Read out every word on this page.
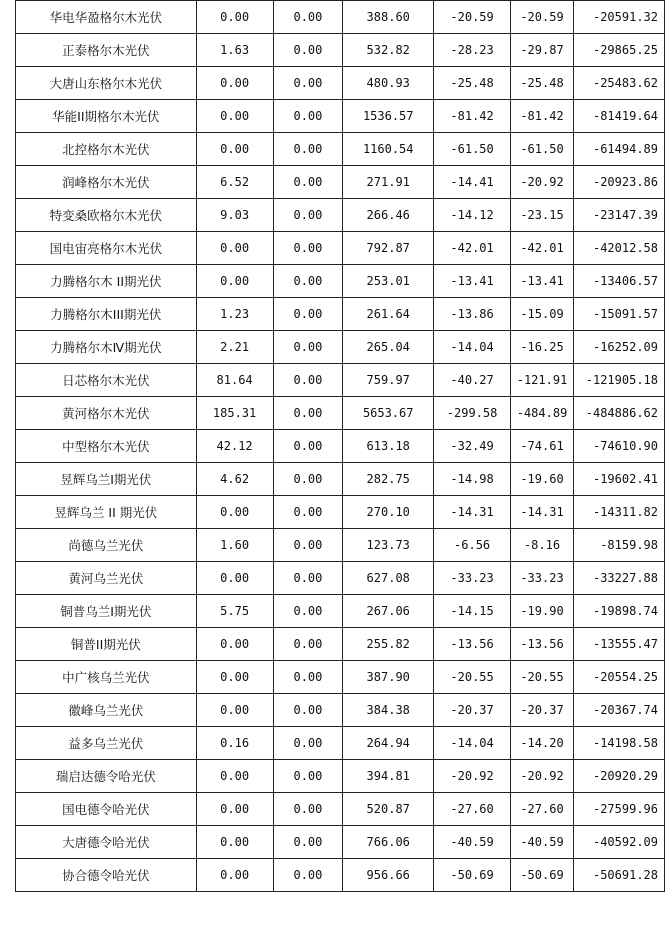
华电华盈格尔木光伏	0.00	0.00	388.60	-20.59	-20.59	-20591.32
正泰格尔木光伏	1.63	0.00	532.82	-28.23	-29.87	-29865.25
大唐山东格尔木光伏	0.00	0.00	480.93	-25.48	-25.48	-25483.62
华能II期格尔木光伏	0.00	0.00	1536.57	-81.42	-81.42	-81419.64
北控格尔木光伏	0.00	0.00	1160.54	-61.50	-61.50	-61494.89
润峰格尔木光伏	6.52	0.00	271.91	-14.41	-20.92	-20923.86
特变桑欧格尔木光伏	9.03	0.00	266.46	-14.12	-23.15	-23147.39
国电宙亮格尔木光伏	0.00	0.00	792.87	-42.01	-42.01	-42012.58
力腾格尔木 II期光伏	0.00	0.00	253.01	-13.41	-13.41	-13406.57
力腾格尔木III期光伏	1.23	0.00	261.64	-13.86	-15.09	-15091.57
力腾格尔木Ⅳ期光伏	2.21	0.00	265.04	-14.04	-16.25	-16252.09
日芯格尔木光伏	81.64	0.00	759.97	-40.27	-121.91	-121905.18
黄河格尔木光伏	185.31	0.00	5653.67	-299.58	-484.89	-484886.62
中型格尔木光伏	42.12	0.00	613.18	-32.49	-74.61	-74610.90
昱辉乌兰Ⅰ期光伏	4.62	0.00	282.75	-14.98	-19.60	-19602.41
昱辉乌兰 II 期光伏	0.00	0.00	270.10	-14.31	-14.31	-14311.82
尚德乌兰光伏	1.60	0.00	123.73	-6.56	-8.16	-8159.98
黄河乌兰光伏	0.00	0.00	627.08	-33.23	-33.23	-33227.88
铜普乌兰Ⅰ期光伏	5.75	0.00	267.06	-14.15	-19.90	-19898.74
铜普II期光伏	0.00	0.00	255.82	-13.56	-13.56	-13555.47
中广核乌兰光伏	0.00	0.00	387.90	-20.55	-20.55	-20554.25
徽峰乌兰光伏	0.00	0.00	384.38	-20.37	-20.37	-20367.74
益多乌兰光伏	0.16	0.00	264.94	-14.04	-14.20	-14198.58
瑞启达德令哈光伏	0.00	0.00	394.81	-20.92	-20.92	-20920.29
国电德令哈光伏	0.00	0.00	520.87	-27.60	-27.60	-27599.96
大唐德令哈光伏	0.00	0.00	766.06	-40.59	-40.59	-40592.09
协合德令哈光伏	0.00	0.00	956.66	-50.69	-50.69	-50691.28
